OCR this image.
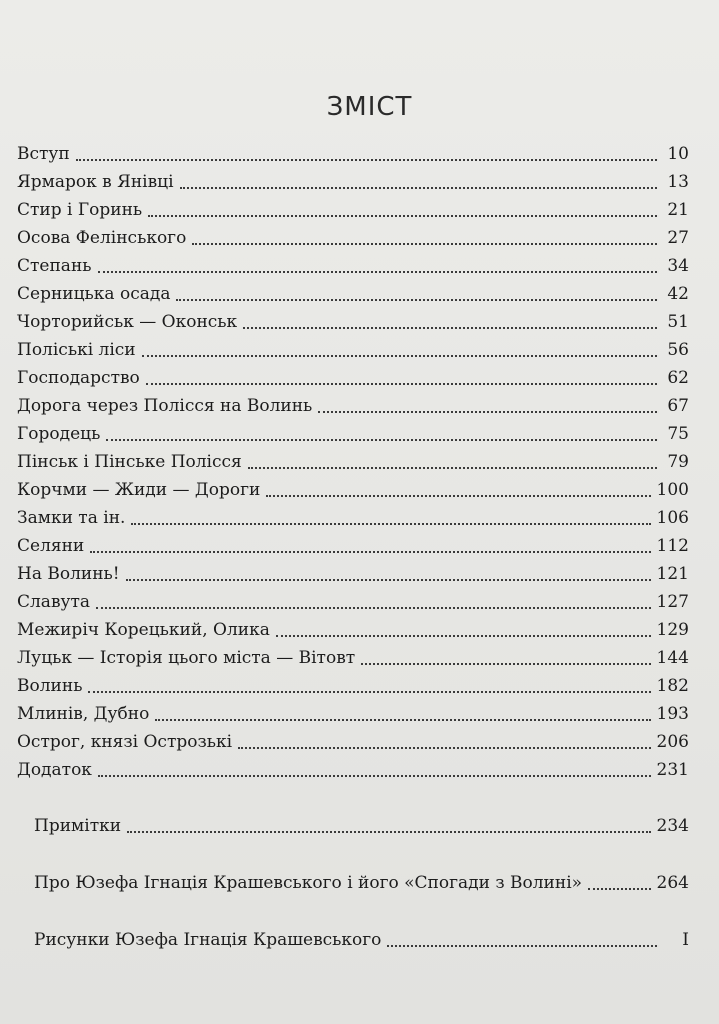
ЗМІСТ
Вступ	10
Ярмарок в Янівці	13
Стир і Горинь	21
Осова Фелінського	27
Степань	34
Серницька осада	42
Чорторийськ — Оконськ	51
Поліські ліси	56
Господарство	62
Дорога через Полісся на Волинь	67
Городець	75
Пінськ і Пінське Полісся	79
Корчми — Жиди — Дороги	100
Замки та ін.	106
Селяни	112
На Волинь!	121
Славута	127
Межиріч Корецький, Олика	129
Луцьк — Історія цього міста — Вітовт	144
Волинь	182
Млинів, Дубно	193
Острог, князі Острозькі	206
Додаток	231
Примітки	234
Про Юзефа Ігнація Крашевського і його «Спогади з Волині»	264
Рисунки Юзефа Ігнація Крашевського	I
